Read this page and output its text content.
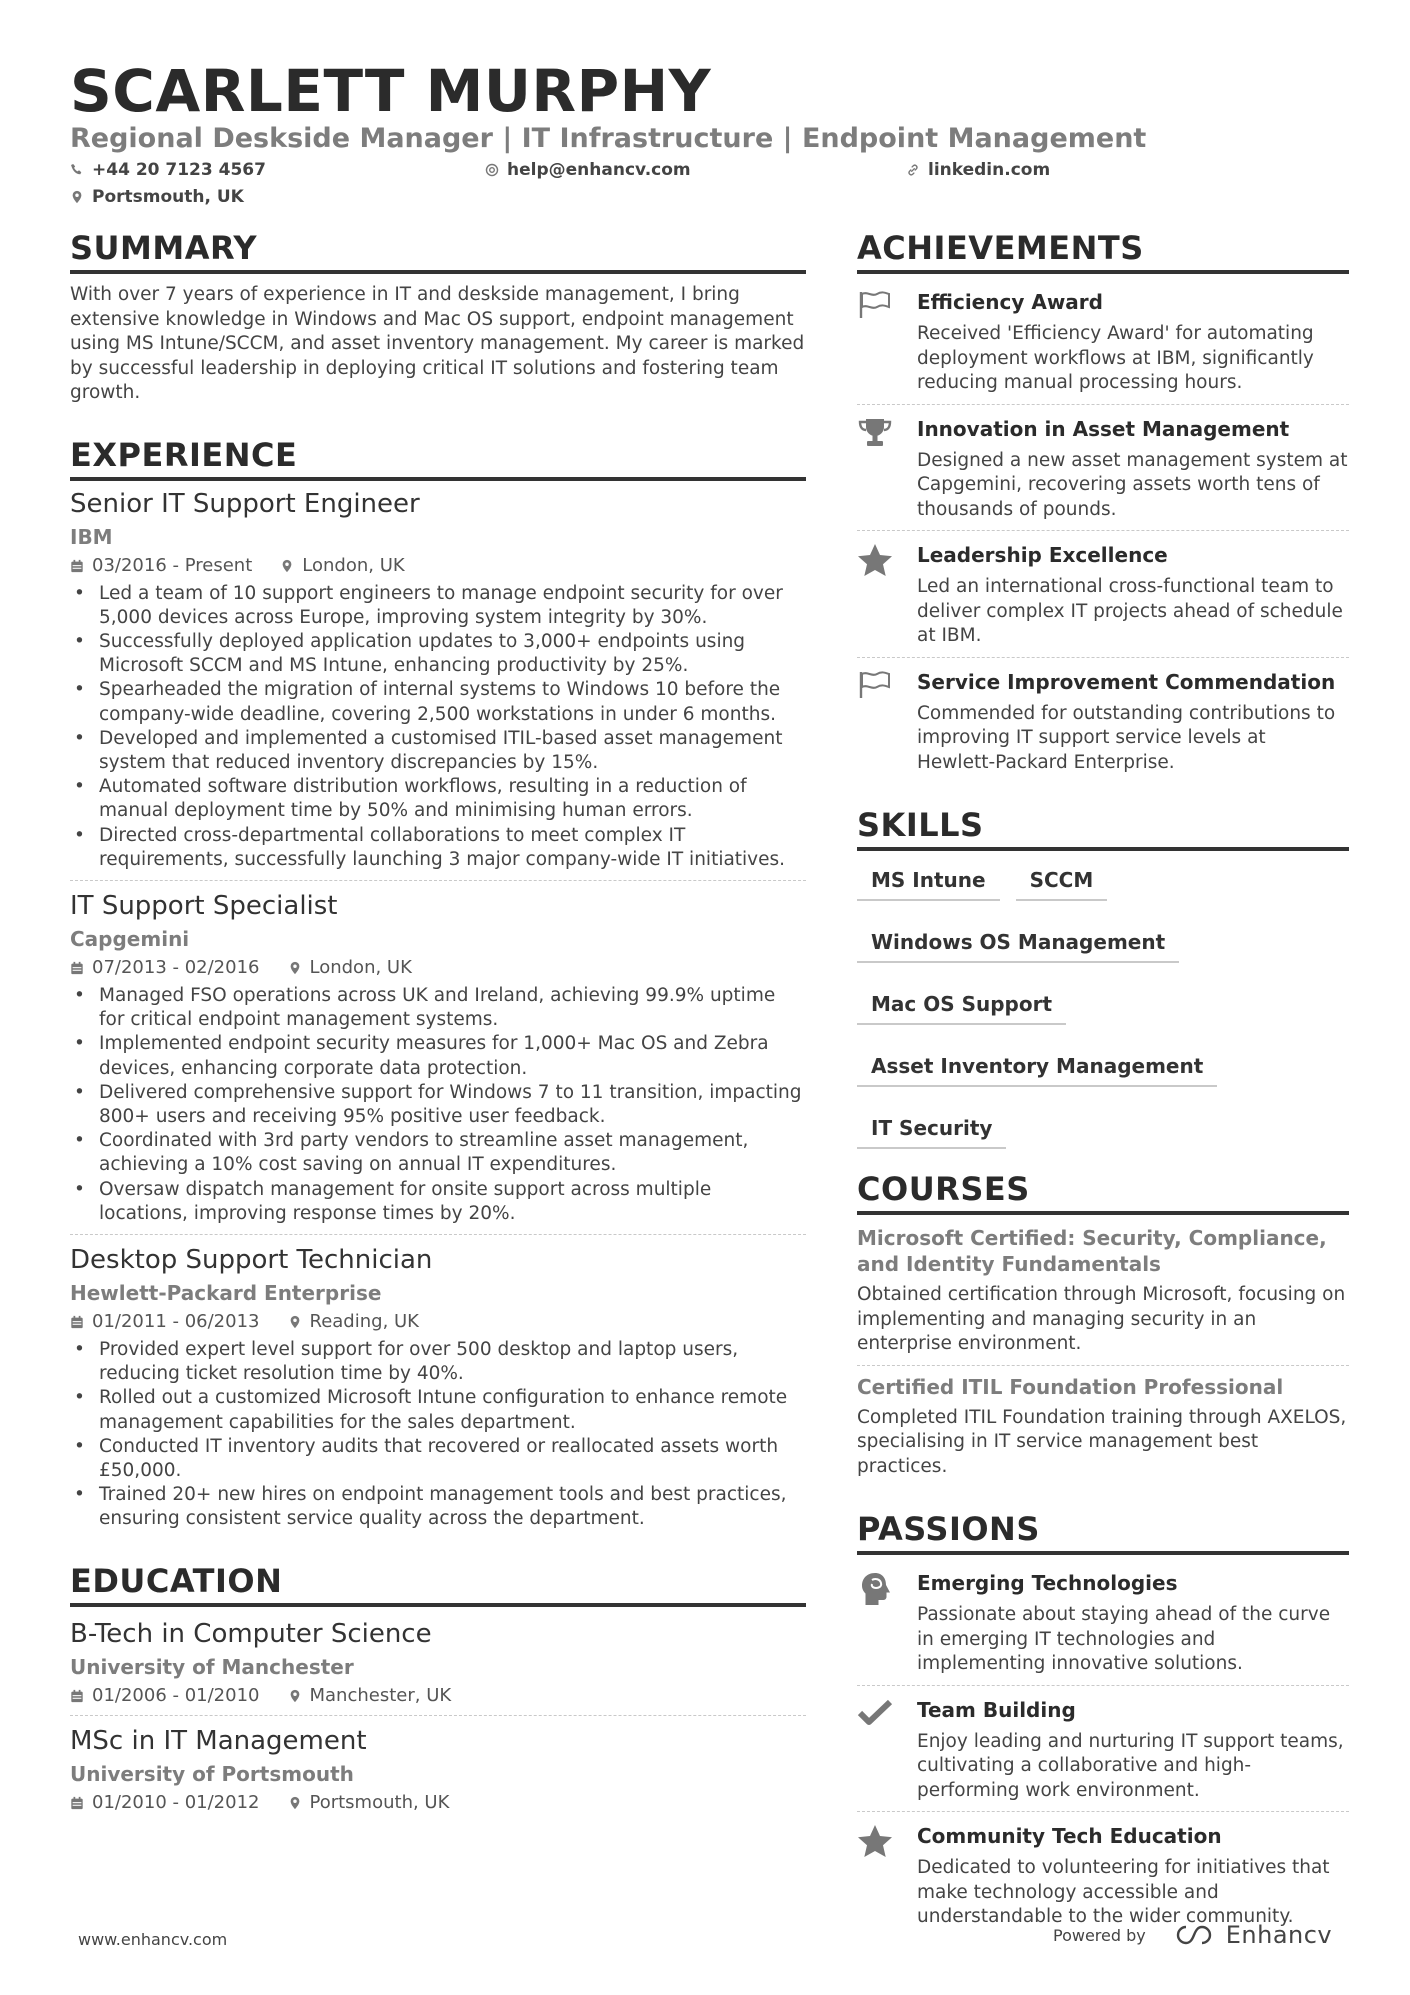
SCARLETT MURPHY
Regional Deskside Manager | IT Infrastructure | Endpoint Management
+44 20 7123 4567	help@enhancv.com	linkedin.com
Portsmouth, UK
SUMMARY
With over 7 years of experience in IT and deskside management, I bring extensive knowledge in Windows and Mac OS support, endpoint management using MS Intune/SCCM, and asset inventory management. My career is marked by successful leadership in deploying critical IT solutions and fostering team growth.
EXPERIENCE
Senior IT Support Engineer
IBM
03/2016 - Present	London, UK
• Led a team of 10 support engineers to manage endpoint security for over 5,000 devices across Europe, improving system integrity by 30%.
• Successfully deployed application updates to 3,000+ endpoints using Microsoft SCCM and MS Intune, enhancing productivity by 25%.
• Spearheaded the migration of internal systems to Windows 10 before the company-wide deadline, covering 2,500 workstations in under 6 months.
• Developed and implemented a customised ITIL-based asset management system that reduced inventory discrepancies by 15%.
• Automated software distribution workflows, resulting in a reduction of manual deployment time by 50% and minimising human errors.
• Directed cross-departmental collaborations to meet complex IT requirements, successfully launching 3 major company-wide IT initiatives.
IT Support Specialist
Capgemini
07/2013 - 02/2016	London, UK
• Managed FSO operations across UK and Ireland, achieving 99.9% uptime for critical endpoint management systems.
• Implemented endpoint security measures for 1,000+ Mac OS and Zebra devices, enhancing corporate data protection.
• Delivered comprehensive support for Windows 7 to 11 transition, impacting 800+ users and receiving 95% positive user feedback.
• Coordinated with 3rd party vendors to streamline asset management, achieving a 10% cost saving on annual IT expenditures.
• Oversaw dispatch management for onsite support across multiple locations, improving response times by 20%.
Desktop Support Technician
Hewlett-Packard Enterprise
01/2011 - 06/2013	Reading, UK
• Provided expert level support for over 500 desktop and laptop users, reducing ticket resolution time by 40%.
• Rolled out a customized Microsoft Intune configuration to enhance remote management capabilities for the sales department.
• Conducted IT inventory audits that recovered or reallocated assets worth £50,000.
• Trained 20+ new hires on endpoint management tools and best practices, ensuring consistent service quality across the department.
EDUCATION
B-Tech in Computer Science
University of Manchester
01/2006 - 01/2010	Manchester, UK
MSc in IT Management
University of Portsmouth
01/2010 - 01/2012	Portsmouth, UK
ACHIEVEMENTS
Efficiency Award
Received 'Efficiency Award' for automating deployment workflows at IBM, significantly reducing manual processing hours.
Innovation in Asset Management
Designed a new asset management system at Capgemini, recovering assets worth tens of thousands of pounds.
Leadership Excellence
Led an international cross-functional team to deliver complex IT projects ahead of schedule at IBM.
Service Improvement Commendation
Commended for outstanding contributions to improving IT support service levels at Hewlett-Packard Enterprise.
SKILLS
MS Intune	SCCM
Windows OS Management
Mac OS Support
Asset Inventory Management
IT Security
COURSES
Microsoft Certified: Security, Compliance, and Identity Fundamentals
Obtained certification through Microsoft, focusing on implementing and managing security in an enterprise environment.
Certified ITIL Foundation Professional
Completed ITIL Foundation training through AXELOS, specialising in IT service management best practices.
PASSIONS
Emerging Technologies
Passionate about staying ahead of the curve in emerging IT technologies and implementing innovative solutions.
Team Building
Enjoy leading and nurturing IT support teams, cultivating a collaborative and high-performing work environment.
Community Tech Education
Dedicated to volunteering for initiatives that make technology accessible and understandable to the wider community.
www.enhancv.com	Powered by	Enhancv
